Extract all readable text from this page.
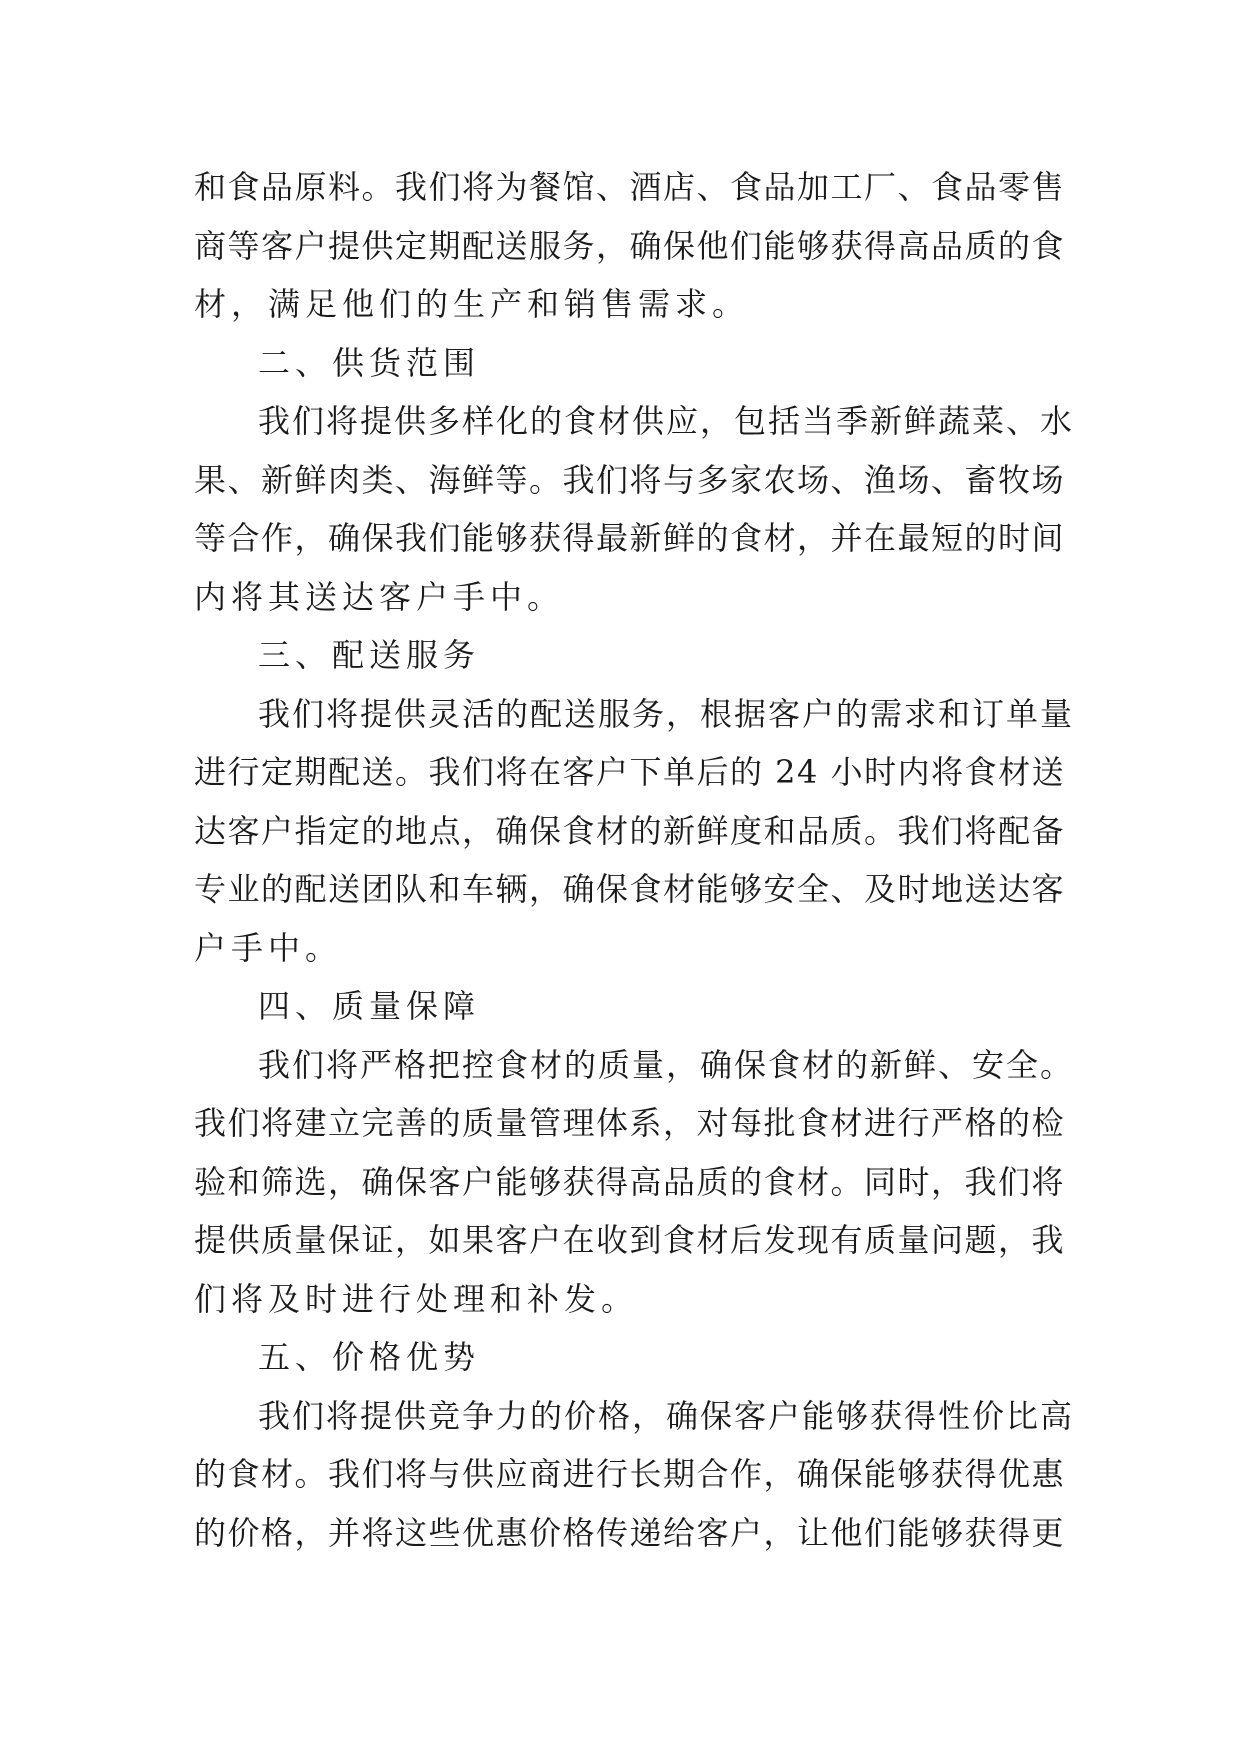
和食品原料。我们将为餐馆、酒店、食品加工厂、食品零售
商等客户提供定期配送服务，确保他们能够获得高品质的食
材，满足他们的生产和销售需求。
二、供货范围
我们将提供多样化的食材供应，包括当季新鲜蔬菜、水
果、新鲜肉类、海鲜等。我们将与多家农场、渔场、畜牧场
等合作，确保我们能够获得最新鲜的食材，并在最短的时间
内将其送达客户手中。
三、配送服务
我们将提供灵活的配送服务，根据客户的需求和订单量
进行定期配送。我们将在客户下单后的 24 小时内将食材送
达客户指定的地点，确保食材的新鲜度和品质。我们将配备
专业的配送团队和车辆，确保食材能够安全、及时地送达客
户手中。
四、质量保障
我们将严格把控食材的质量，确保食材的新鲜、安全。
我们将建立完善的质量管理体系，对每批食材进行严格的检
验和筛选，确保客户能够获得高品质的食材。同时，我们将
提供质量保证，如果客户在收到食材后发现有质量问题，我
们将及时进行处理和补发。
五、价格优势
我们将提供竞争力的价格，确保客户能够获得性价比高
的食材。我们将与供应商进行长期合作，确保能够获得优惠
的价格，并将这些优惠价格传递给客户，让他们能够获得更
